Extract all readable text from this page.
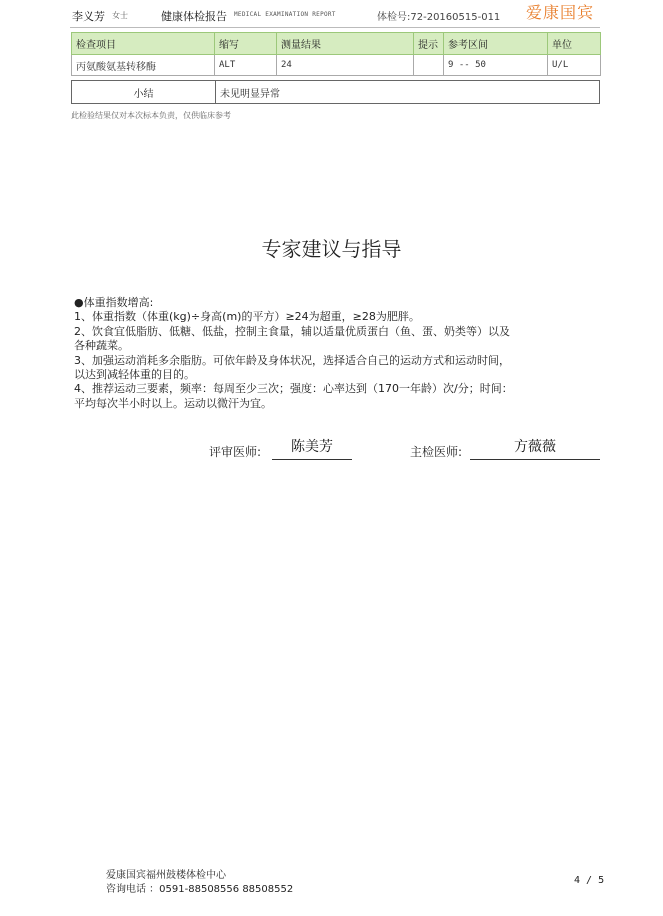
李义芳 女士	健康体检报告 MEDICAL EXAMINATION REPORT	体检号:72-20160515-011 爱康国宾
检查项目	缩写	测量结果	提示	参考区间	单位
丙氨酸氨基转移酶	ALT	24		9 -- 50	U/L
小结	未见明显异常
此检验结果仅对本次标本负责，仅供临床参考
专家建议与指导

●体重指数增高:

1、体重指数（体重(kg)÷身高(m)的平方）≥24为超重，≥28为肥胖。

2、饮食宜低脂肪、低糖、低盐，控制主食量，辅以适量优质蛋白（鱼、蛋、奶类等）以及

各种蔬菜。

3、加强运动消耗多余脂肪。可依年龄及身体状况，选择适合自己的运动方式和运动时间，

以达到减轻体重的目的。

4、推荐运动三要素，频率：每周至少三次；强度：心率达到（170一年龄）次/分；时间：

平均每次半小时以上。运动以微汗为宜。

评审医师:	陈美芳	主检医师:	方薇薇
爱康国宾福州鼓楼体检中心
咨询电话 ：0591-88508556 88508552
4 / 5
